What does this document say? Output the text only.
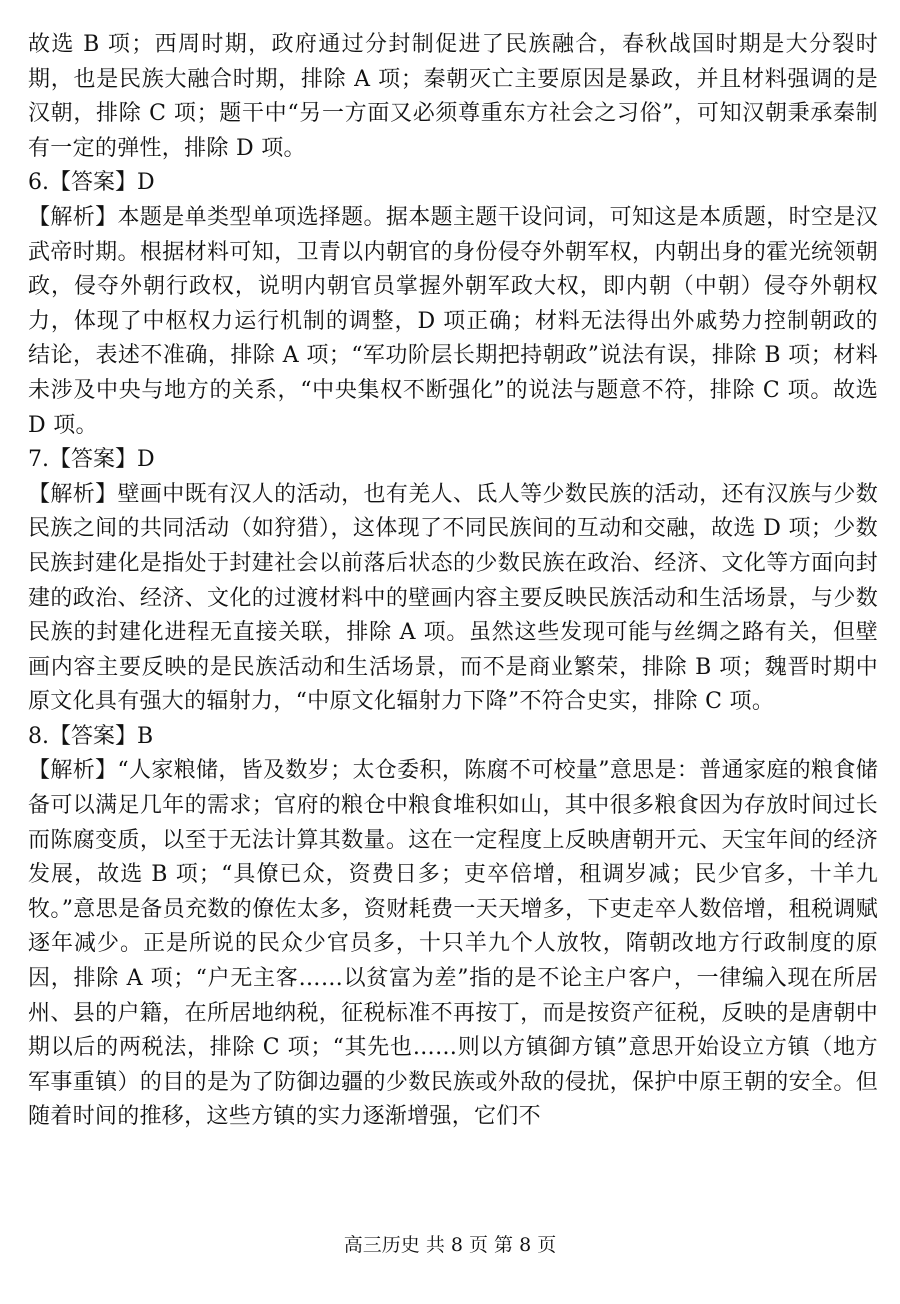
故选 B 项；西周时期，政府通过分封制促进了民族融合，春秋战国时期是大分裂时期，也是民族大融合时期，排除 A 项；秦朝灭亡主要原因是暴政，并且材料强调的是汉朝，排除 C 项；题干中“另一方面又必须尊重东方社会之习俗”，可知汉朝秉承秦制有一定的弹性，排除 D 项。

6.【答案】D

【解析】本题是单类型单项选择题。据本题主题干设问词，可知这是本质题，时空是汉武帝时期。根据材料可知，卫青以内朝官的身份侵夺外朝军权，内朝出身的霍光统领朝政，侵夺外朝行政权，说明内朝官员掌握外朝军政大权，即内朝（中朝）侵夺外朝权力，体现了中枢权力运行机制的调整，D 项正确；材料无法得出外戚势力控制朝政的结论，表述不准确，排除 A 项；“军功阶层长期把持朝政”说法有误，排除 B 项；材料未涉及中央与地方的关系，“中央集权不断强化”的说法与题意不符，排除 C 项。故选 D 项。

7.【答案】D

【解析】壁画中既有汉人的活动，也有羌人、氐人等少数民族的活动，还有汉族与少数民族之间的共同活动（如狩猎），这体现了不同民族间的互动和交融，故选 D 项；少数民族封建化是指处于封建社会以前落后状态的少数民族在政治、经济、文化等方面向封建的政治、经济、文化的过渡材料中的壁画内容主要反映民族活动和生活场景，与少数民族的封建化进程无直接关联，排除 A 项。虽然这些发现可能与丝绸之路有关，但壁画内容主要反映的是民族活动和生活场景，而不是商业繁荣，排除 B 项；魏晋时期中原文化具有强大的辐射力，“中原文化辐射力下降”不符合史实，排除 C 项。

8.【答案】B

【解析】“人家粮储，皆及数岁；太仓委积，陈腐不可校量”意思是：普通家庭的粮食储备可以满足几年的需求；官府的粮仓中粮食堆积如山，其中很多粮食因为存放时间过长而陈腐变质，以至于无法计算其数量。这在一定程度上反映唐朝开元、天宝年间的经济发展，故选 B 项；“具僚已众，资费日多；吏卒倍增，租调岁减；民少官多，十羊九牧。”意思是备员充数的僚佐太多，资财耗费一天天增多，下吏走卒人数倍增，租税调赋逐年减少。正是所说的民众少官员多，十只羊九个人放牧，隋朝改地方行政制度的原因，排除 A 项；“户无主客……以贫富为差”指的是不论主户客户，一律编入现在所居州、县的户籍，在所居地纳税，征税标准不再按丁，而是按资产征税，反映的是唐朝中期以后的两税法，排除 C 项；“其先也……则以方镇御方镇”意思开始设立方镇（地方军事重镇）的目的是为了防御边疆的少数民族或外敌的侵扰，保护中原王朝的安全。但随着时间的推移，这些方镇的实力逐渐增强，它们不

高三历史 共 8 页 第 8 页
